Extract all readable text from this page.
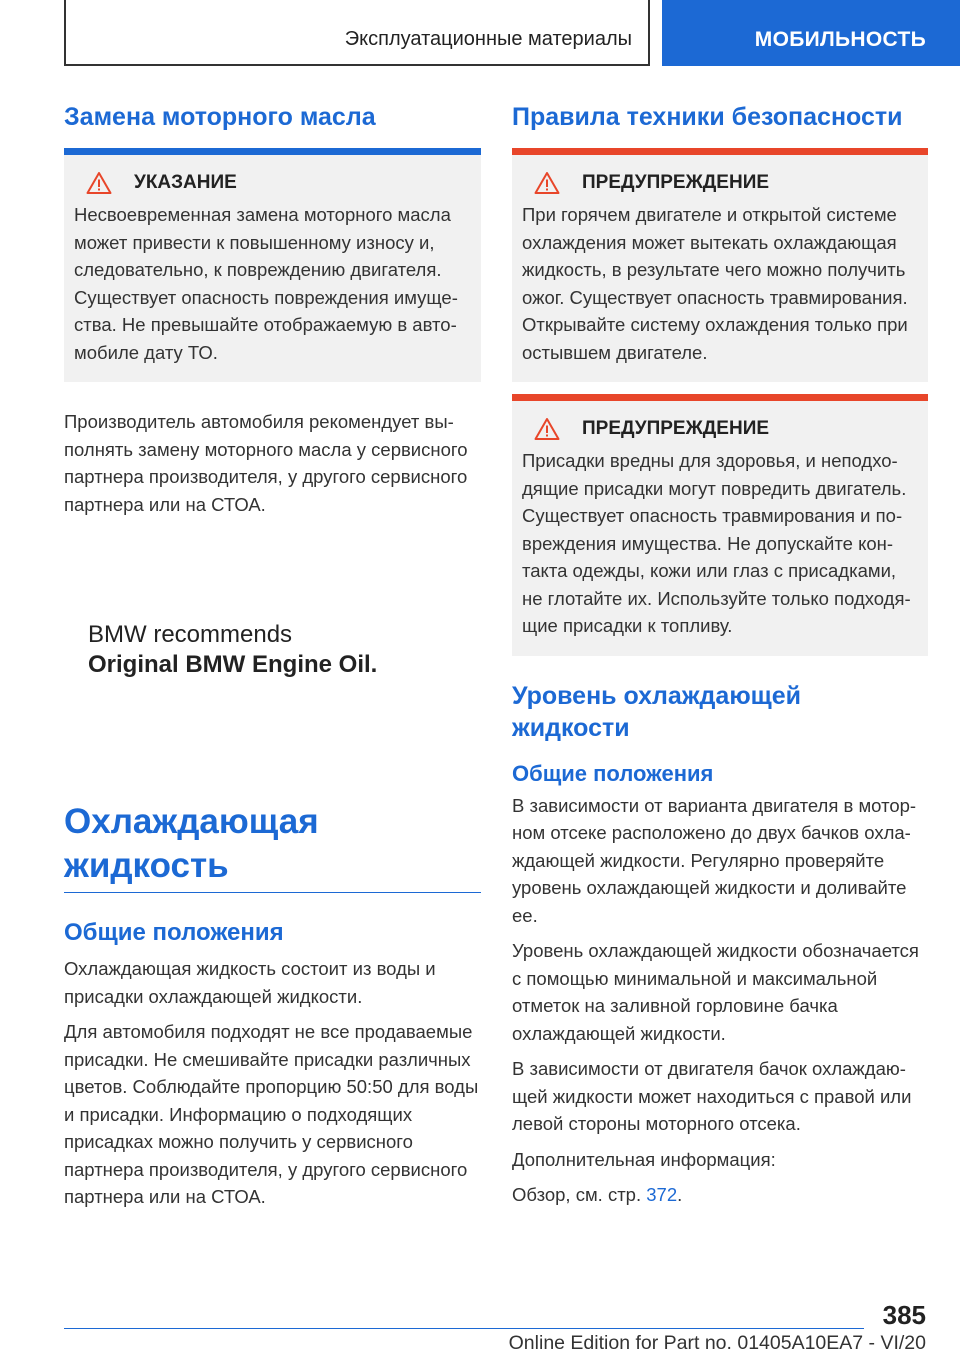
Эксплуатационные материалы	МОБИЛЬНОСТЬ
Замена моторного масла
УКАЗАНИЕ

Несвоевременная замена моторного масла может привести к повышенному износу и, следовательно, к повреждению двигателя. Существует опасность повреждения имущества. Не превышайте отображаемую в автомобиле дату ТО.

Производитель автомобиля рекомендует выполнять замену моторного масла у сервисного партнера производителя, у другого сервисного партнера или на СТОА.

BMW recommends
Original BMW Engine Oil.
Охлаждающая жидкость
Общие положения

Охлаждающая жидкость состоит из воды и присадки охлаждающей жидкости.

Для автомобиля подходят не все продаваемые присадки. Не смешивайте присадки различных цветов. Соблюдайте пропорцию 50:50 для воды и присадки. Информацию о подходящих присадках можно получить у сервисного партнера производителя, у другого сервисного партнера или на СТОА.

Правила техники безопасности
ПРЕДУПРЕЖДЕНИЕ

При горячем двигателе и открытой системе охлаждения может вытекать охлаждающая жидкость, в результате чего можно получить ожог. Существует опасность травмирования. Открывайте систему охлаждения только при остывшем двигателе.

ПРЕДУПРЕЖДЕНИЕ

Присадки вредны для здоровья, и неподходящие присадки могут повредить двигатель. Существует опасность травмирования и повреждения имущества. Не допускайте контакта одежды, кожи или глаз с присадками, не глотайте их. Используйте только подходящие присадки к топливу.

Уровень охлаждающей жидкости
Общие положения

В зависимости от варианта двигателя в моторном отсеке расположено до двух бачков охлаждающей жидкости. Регулярно проверяйте уровень охлаждающей жидкости и доливайте ее.

Уровень охлаждающей жидкости обозначается с помощью минимальной и максимальной отметок на заливной горловине бачка охлаждающей жидкости.

В зависимости от двигателя бачок охлаждающей жидкости может находиться с правой или левой стороны моторного отсека.

Дополнительная информация:

Обзор, см. стр. 372.

385
Online Edition for Part no. 01405A10EA7 - VI/20
